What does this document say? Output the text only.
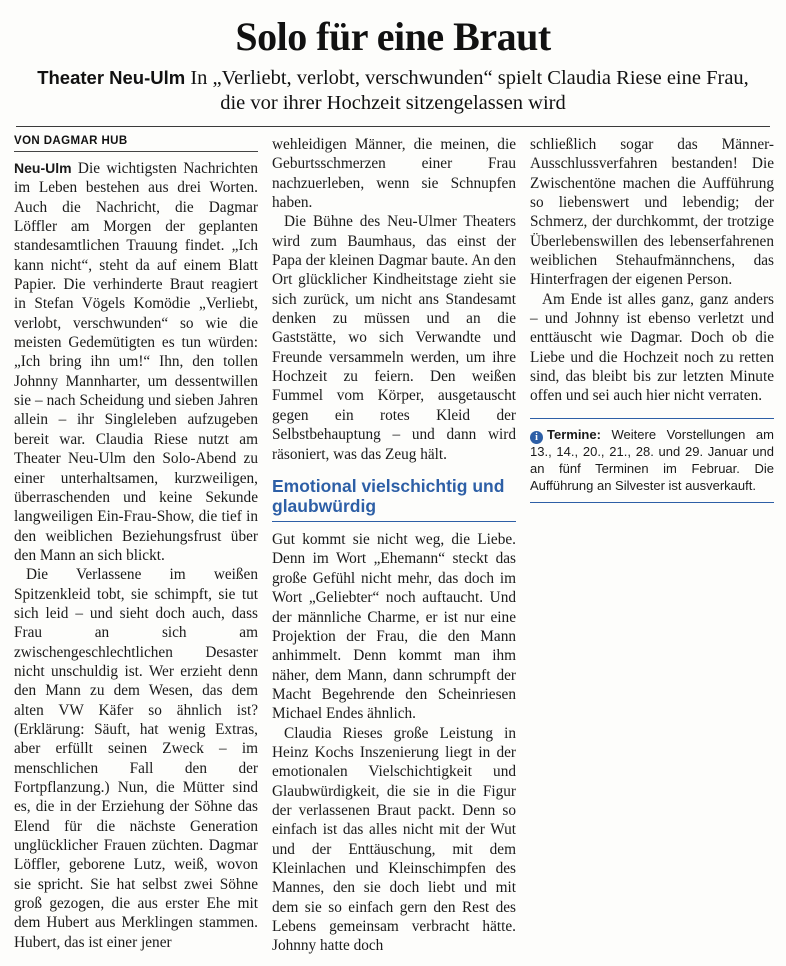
Solo für eine Braut
Theater Neu-Ulm In „Verliebt, verlobt, verschwunden“ spielt Claudia Riese eine Frau, die vor ihrer Hochzeit sitzengelassen wird
VON DAGMAR HUB

Neu-Ulm Die wichtigsten Nachrichten im Leben bestehen aus drei Worten. Auch die Nachricht, die Dagmar Löffler am Morgen der geplanten standesamtlichen Trauung findet. „Ich kann nicht“, steht da auf einem Blatt Papier. Die verhinderte Braut reagiert in Stefan Vögels Komödie „Verliebt, verlobt, verschwunden“ so wie die meisten Gedemütigten es tun würden: „Ich bring ihn um!“ Ihn, den tollen Johnny Mannharter, um dessentwillen sie – nach Scheidung und sieben Jahren allein – ihr Singleleben aufzugeben bereit war. Claudia Riese nutzt am Theater Neu-Ulm den Solo-Abend zu einer unterhaltsamen, kurzweiligen, überraschenden und keine Sekunde langweiligen Ein-Frau-Show, die tief in den weiblichen Beziehungsfrust über den Mann an sich blickt.

Die Verlassene im weißen Spitzenkleid tobt, sie schimpft, sie tut sich leid – und sieht doch auch, dass Frau an sich am zwischengeschlechtlichen Desaster nicht unschuldig ist. Wer erzieht denn den Mann zu dem Wesen, das dem alten VW Käfer so ähnlich ist? (Erklärung: Säuft, hat wenig Extras, aber erfüllt seinen Zweck – im menschlichen Fall den der Fortpflanzung.) Nun, die Mütter sind es, die in der Erziehung der Söhne das Elend für die nächste Generation unglücklicher Frauen züchten. Dagmar Löffler, geborene Lutz, weiß, wovon sie spricht. Sie hat selbst zwei Söhne groß gezogen, die aus erster Ehe mit dem Hubert aus Merklingen stammen. Hubert, das ist einer jener

wehleidigen Männer, die meinen, die Geburtsschmerzen einer Frau nachzuerleben, wenn sie Schnupfen haben.

Die Bühne des Neu-Ulmer Theaters wird zum Baumhaus, das einst der Papa der kleinen Dagmar baute. An den Ort glücklicher Kindheitstage zieht sie sich zurück, um nicht ans Standesamt denken zu müssen und an die Gaststätte, wo sich Verwandte und Freunde versammeln werden, um ihre Hochzeit zu feiern. Den weißen Fummel vom Körper, ausgetauscht gegen ein rotes Kleid der Selbstbehauptung – und dann wird räsoniert, was das Zeug hält.

Emotional vielschichtig und glaubwürdig

Gut kommt sie nicht weg, die Liebe. Denn im Wort „Ehemann“ steckt das große Gefühl nicht mehr, das doch im Wort „Geliebter“ noch auftaucht. Und der männliche Charme, er ist nur eine Projektion der Frau, die den Mann anhimmelt. Denn kommt man ihm näher, dem Mann, dann schrumpft der Macht Begehrende den Scheinriesen Michael Endes ähnlich.

Claudia Rieses große Leistung in Heinz Kochs Inszenierung liegt in der emotionalen Vielschichtigkeit und Glaubwürdigkeit, die sie in die Figur der verlassenen Braut packt. Denn so einfach ist das alles nicht mit der Wut und der Enttäuschung, mit dem Kleinlachen und Kleinschimpfen des Mannes, den sie doch liebt und mit dem sie so einfach gern den Rest des Lebens gemeinsam verbracht hätte. Johnny hatte doch

schließlich sogar das Männer-Ausschlussverfahren bestanden! Die Zwischentöne machen die Aufführung so liebenswert und lebendig; der Schmerz, der durchkommt, der trotzige Überlebenswillen des lebenserfahrenen weiblichen Stehaufmännchens, das Hinterfragen der eigenen Person.

Am Ende ist alles ganz, ganz anders – und Johnny ist ebenso verletzt und enttäuscht wie Dagmar. Doch ob die Liebe und die Hochzeit noch zu retten sind, das bleibt bis zur letzten Minute offen und sei auch hier nicht verraten.

i Termine: Weitere Vorstellungen am 13., 14., 20., 21., 28. und 29. Januar und an fünf Terminen im Februar. Die Aufführung an Silvester ist ausverkauft.
